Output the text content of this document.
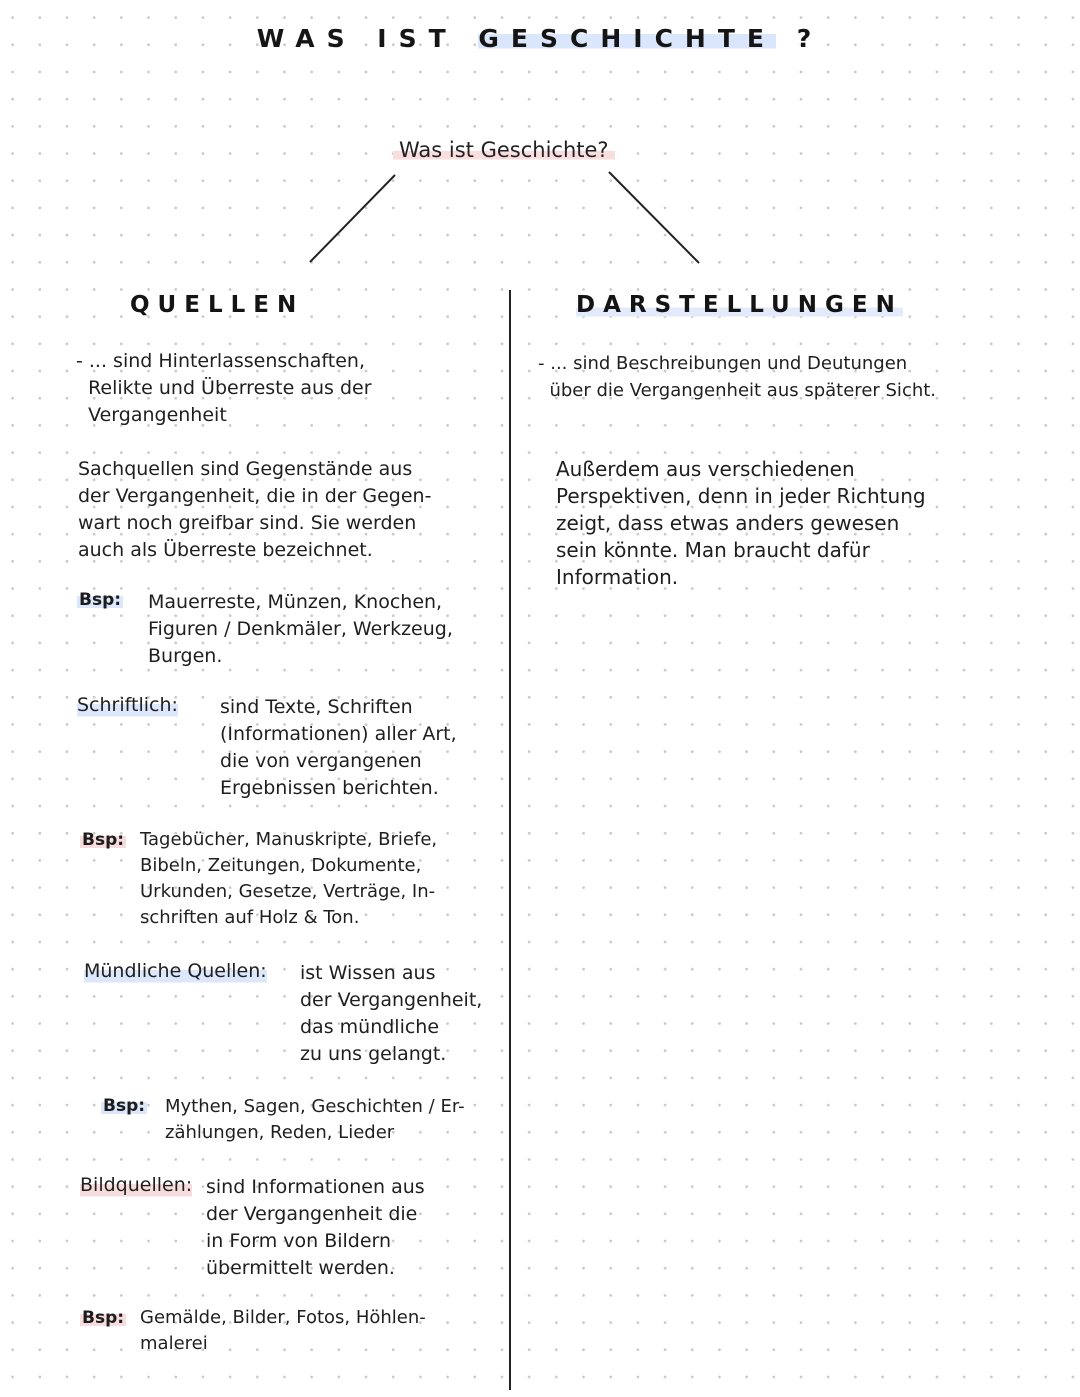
WAS IST GESCHICHTE ?
Was ist Geschichte?
QUELLEN	DARSTELLUNGEN
- ... sind Hinterlassenschaften,
Relikte und Überreste aus der
Vergangenheit
Sachquellen sind Gegenstände aus
der Vergangenheit, die in der Gegen-
wart noch greifbar sind. Sie werden
auch als Überreste bezeichnet.
Bsp: Mauerreste, Münzen, Knochen,
Figuren / Denkmäler, Werkzeug,
Burgen.
Schriftlich: sind Texte, Schriften
(Informationen) aller Art,
die von vergangenen
Ergebnissen berichten.
Bsp: Tagebücher, Manuskripte, Briefe,
Bibeln, Zeitungen, Dokumente,
Urkunden, Gesetze, Verträge, In-
schriften auf Holz & Ton.
Mündliche Quellen: ist Wissen aus
der Vergangenheit,
das mündliche
zu uns gelangt.
Bsp: Mythen, Sagen, Geschichten / Er-
zählungen, Reden, Lieder
Bildquellen: sind Informationen aus
der Vergangenheit die
in Form von Bildern
übermittelt werden.
Bsp: Gemälde, Bilder, Fotos, Höhlen-
malerei
- ... sind Beschreibungen und Deutungen
über die Vergangenheit aus späterer Sicht.
Außerdem aus verschiedenen
Perspektiven, denn in jeder Richtung
zeigt, dass etwas anders gewesen
sein könnte. Man braucht dafür
Information.
